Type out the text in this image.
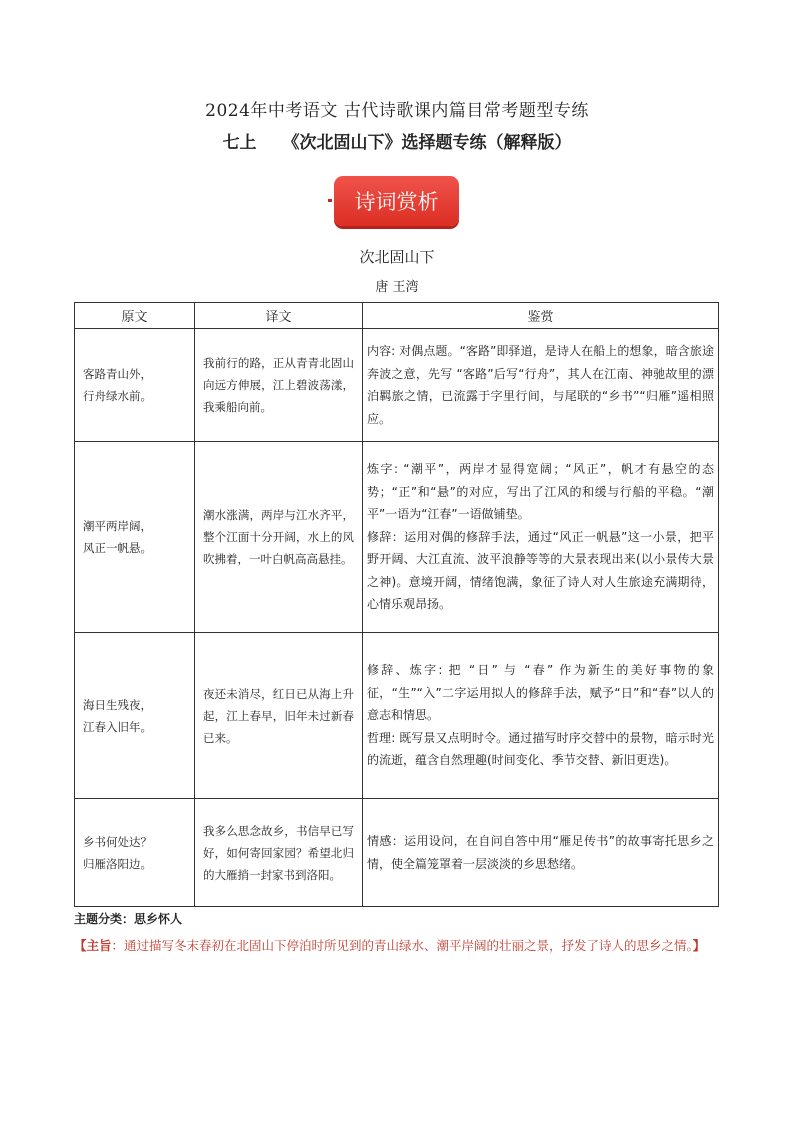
2024年中考语文 古代诗歌课内篇目常考题型专练
七上 《次北固山下》选择题专练（解释版）
诗词赏析
次北固山下
唐 王湾
原文	译文	鉴赏

客路青山外，
行舟绿水前。	我前行的路，正从青青北固山向远方伸展，江上碧波荡漾，我乘船向前。	内容: 对偶点题。“客路”即驿道，是诗人在船上的想象，暗含旅途奔波之意，先写 “客路”后写“行舟”，其人在江南、神驰故里的漂泊羁旅之情，已流露于字里行间，与尾联的“乡书”“归雁”遥相照应。

潮平两岸阔，
风正一帆悬。	潮水涨满，两岸与江水齐平，整个江面十分开阔，水上的风吹拂着，一叶白帆高高悬挂。	炼字: “潮平”，两岸才显得宽阔；“风正”，帆才有悬空的态势；“正”和“悬”的对应，写出了江风的和缓与行船的平稳。“潮平”一语为“江春”一语做铺垫。
修辞：运用对偶的修辞手法，通过“风正一帆悬”这一小景，把平野开阔、大江直流、波平浪静等等的大景表现出来(以小景传大景之神)。意境开阔，情绪饱满，象征了诗人对人生旅途充满期待，心情乐观昂扬。

海日生残夜，
江春入旧年。	夜还未消尽，红日已从海上升起，江上春早，旧年未过新春已来。	修辞、炼字: 把 “日” 与 “春” 作为新生的美好事物的象征，“生”“入”二字运用拟人的修辞手法，赋予“日”和“春”以人的意志和情思。
哲理: 既写景又点明时令。通过描写时序交替中的景物，暗示时光的流逝，蕴含自然理趣(时间变化、季节交替、新旧更迭)。

乡书何处达？
归雁洛阳边。	我多么思念故乡，书信早已写好，如何寄回家园？希望北归的大雁捎一封家书到洛阳。	情感：运用设问，在自问自答中用“雁足传书”的故事寄托思乡之情，使全篇笼罩着一层淡淡的乡思愁绪。
主题分类：思乡怀人
【主旨：通过描写冬末春初在北固山下停泊时所见到的青山绿水、潮平岸阔的壮丽之景，抒发了诗人的思乡之情。】
